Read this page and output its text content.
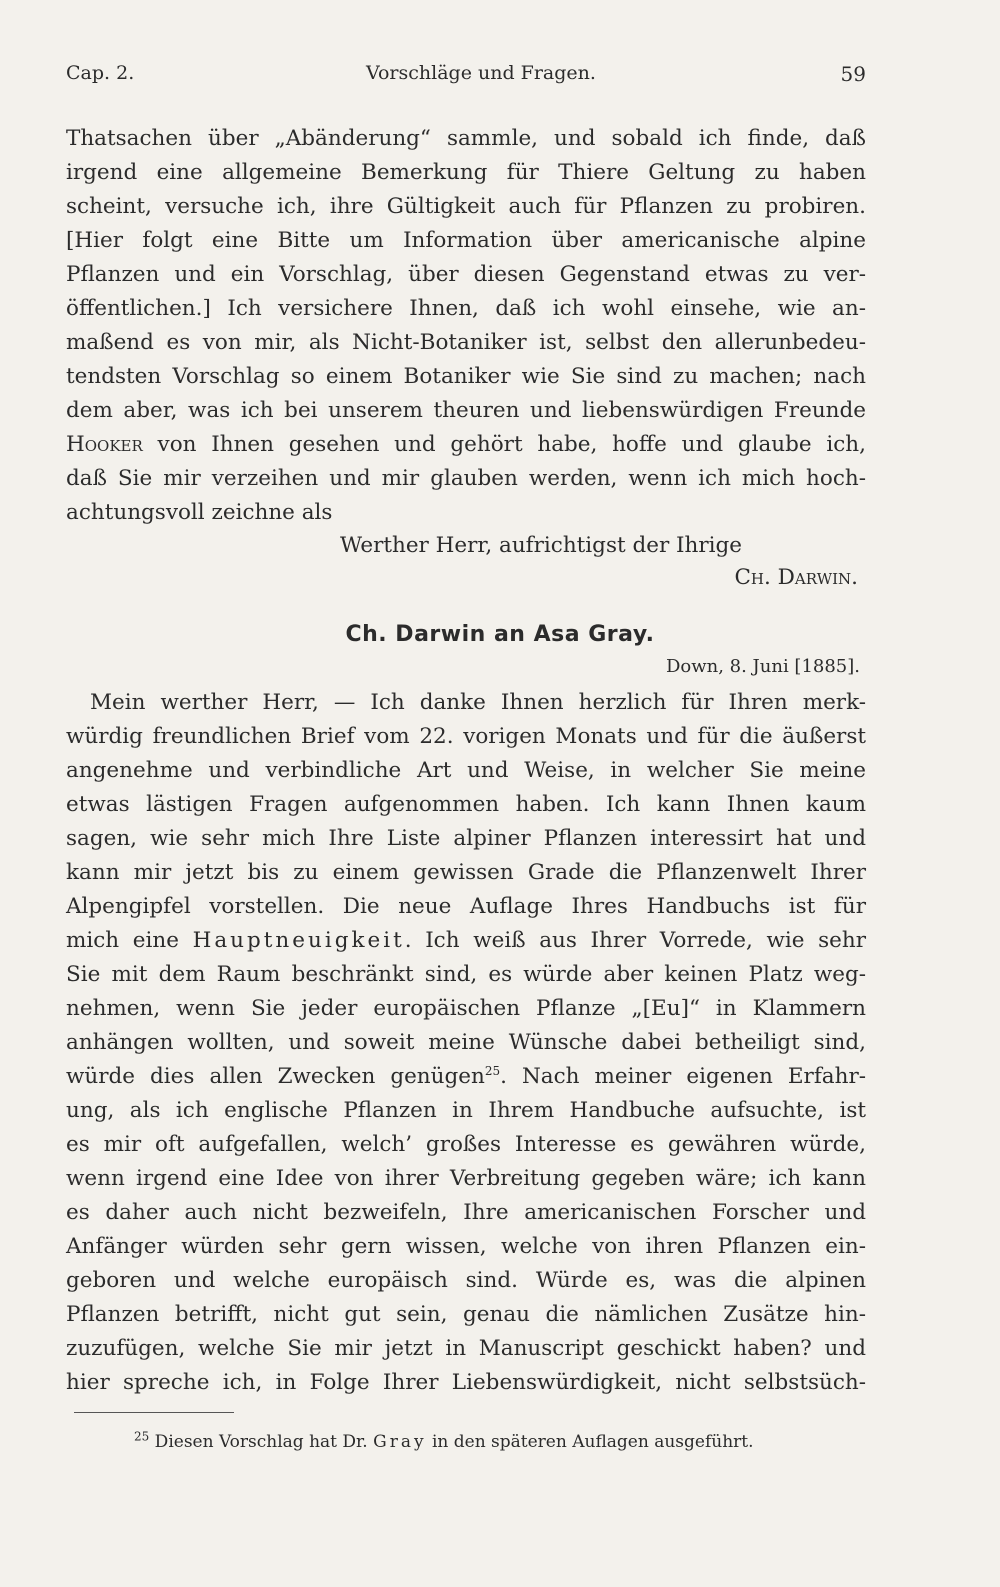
Cap. 2.	Vorschläge und Fragen.	59
Thatsachen über „Abänderung“ sammle, und sobald ich finde, daß
irgend eine allgemeine Bemerkung für Thiere Geltung zu haben
scheint, versuche ich, ihre Gültigkeit auch für Pflanzen zu probiren.
[Hier folgt eine Bitte um Information über americanische alpine
Pflanzen und ein Vorschlag, über diesen Gegenstand etwas zu ver-
öffentlichen.] Ich versichere Ihnen, daß ich wohl einsehe, wie an-
maßend es von mir, als Nicht-Botaniker ist, selbst den allerunbedeu-
tendsten Vorschlag so einem Botaniker wie Sie sind zu machen; nach
dem aber, was ich bei unserem theuren und liebenswürdigen Freunde
Hooker von Ihnen gesehen und gehört habe, hoffe und glaube ich,
daß Sie mir verzeihen und mir glauben werden, wenn ich mich hoch-
achtungsvoll zeichne als
Werther Herr, aufrichtigst der Ihrige
Ch. Darwin.
Ch. Darwin an Asa Gray.
Down, 8. Juni [1885].
Mein werther Herr, — Ich danke Ihnen herzlich für Ihren merk-
würdig freundlichen Brief vom 22. vorigen Monats und für die äußerst
angenehme und verbindliche Art und Weise, in welcher Sie meine
etwas lästigen Fragen aufgenommen haben. Ich kann Ihnen kaum
sagen, wie sehr mich Ihre Liste alpiner Pflanzen interessirt hat und
kann mir jetzt bis zu einem gewissen Grade die Pflanzenwelt Ihrer
Alpengipfel vorstellen. Die neue Auflage Ihres Handbuchs ist für
mich eine Hauptneuigkeit. Ich weiß aus Ihrer Vorrede, wie sehr
Sie mit dem Raum beschränkt sind, es würde aber keinen Platz weg-
nehmen, wenn Sie jeder europäischen Pflanze „[Eu]“ in Klammern
anhängen wollten, und soweit meine Wünsche dabei betheiligt sind,
würde dies allen Zwecken genügen$^{25}$. Nach meiner eigenen Erfahr-
ung, als ich englische Pflanzen in Ihrem Handbuche aufsuchte, ist
es mir oft aufgefallen, welch’ großes Interesse es gewähren würde,
wenn irgend eine Idee von ihrer Verbreitung gegeben wäre; ich kann
es daher auch nicht bezweifeln, Ihre americanischen Forscher und
Anfänger würden sehr gern wissen, welche von ihren Pflanzen ein-
geboren und welche europäisch sind. Würde es, was die alpinen
Pflanzen betrifft, nicht gut sein, genau die nämlichen Zusätze hin-
zuzufügen, welche Sie mir jetzt in Manuscript geschickt haben? und
hier spreche ich, in Folge Ihrer Liebenswürdigkeit, nicht selbstsüch-
$^{25}$ Diesen Vorschlag hat Dr. Gray in den späteren Auflagen ausgeführt.
